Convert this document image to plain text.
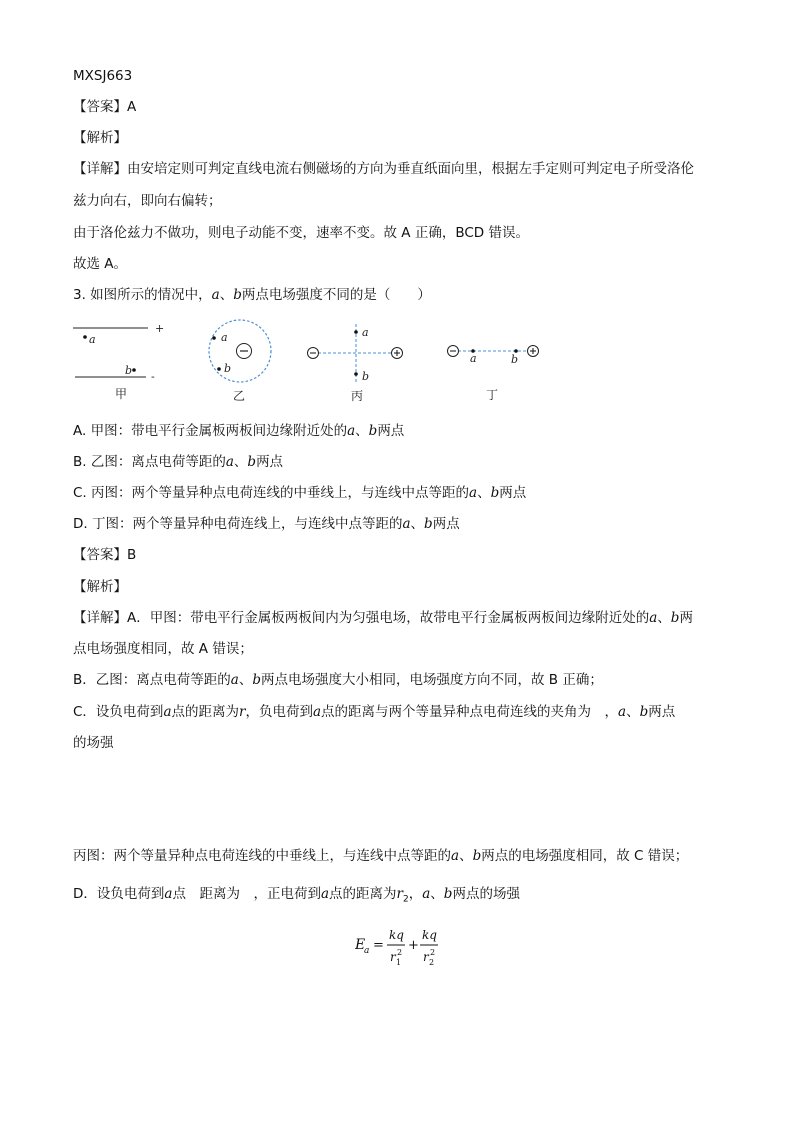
MXSJ663
【答案】A
【解析】
【详解】由安培定则可判定直线电流右侧磁场的方向为垂直纸面向里，根据左手定则可判定电子所受洛伦
兹力向右，即向右偏转；
由于洛伦兹力不做功，则电子动能不变，速率不变。故 A 正确，BCD 错误。
故选 A。
3. 如图所示的情况中，a、b两点电场强度不同的是（　　）
+
a
b -
甲
a
b
乙
a
b
丙
a	b
丁
A. 甲图：带电平行金属板两板间边缘附近处的a、b两点
B. 乙图：离点电荷等距的a、b两点
C. 丙图：两个等量异种点电荷连线的中垂线上，与连线中点等距的a、b两点
D. 丁图：两个等量异种电荷连线上，与连线中点等距的a、b两点
【答案】B
【解析】
【详解】A．甲图：带电平行金属板两板间内为匀强电场，故带电平行金属板两板间边缘附近处的a、b两
点电场强度相同，故 A 错误；
B．乙图：离点电荷等距的a、b两点电场强度大小相同，电场强度方向不同，故 B 正确；
C．设负电荷到a点的距离为r，负电荷到a点的距离与两个等量异种点电荷连线的夹角为　，a、b两点
的场强
丙图：两个等量异种点电荷连线的中垂线上，与连线中点等距的a、b两点的电场强度相同，故 C 错误；
D．设负电荷到a点　距离为　，正电荷到a点的距离为$r_2$，a、b两点的场强
E
a =
kq
r 2
1
+
kq
r 2
2
